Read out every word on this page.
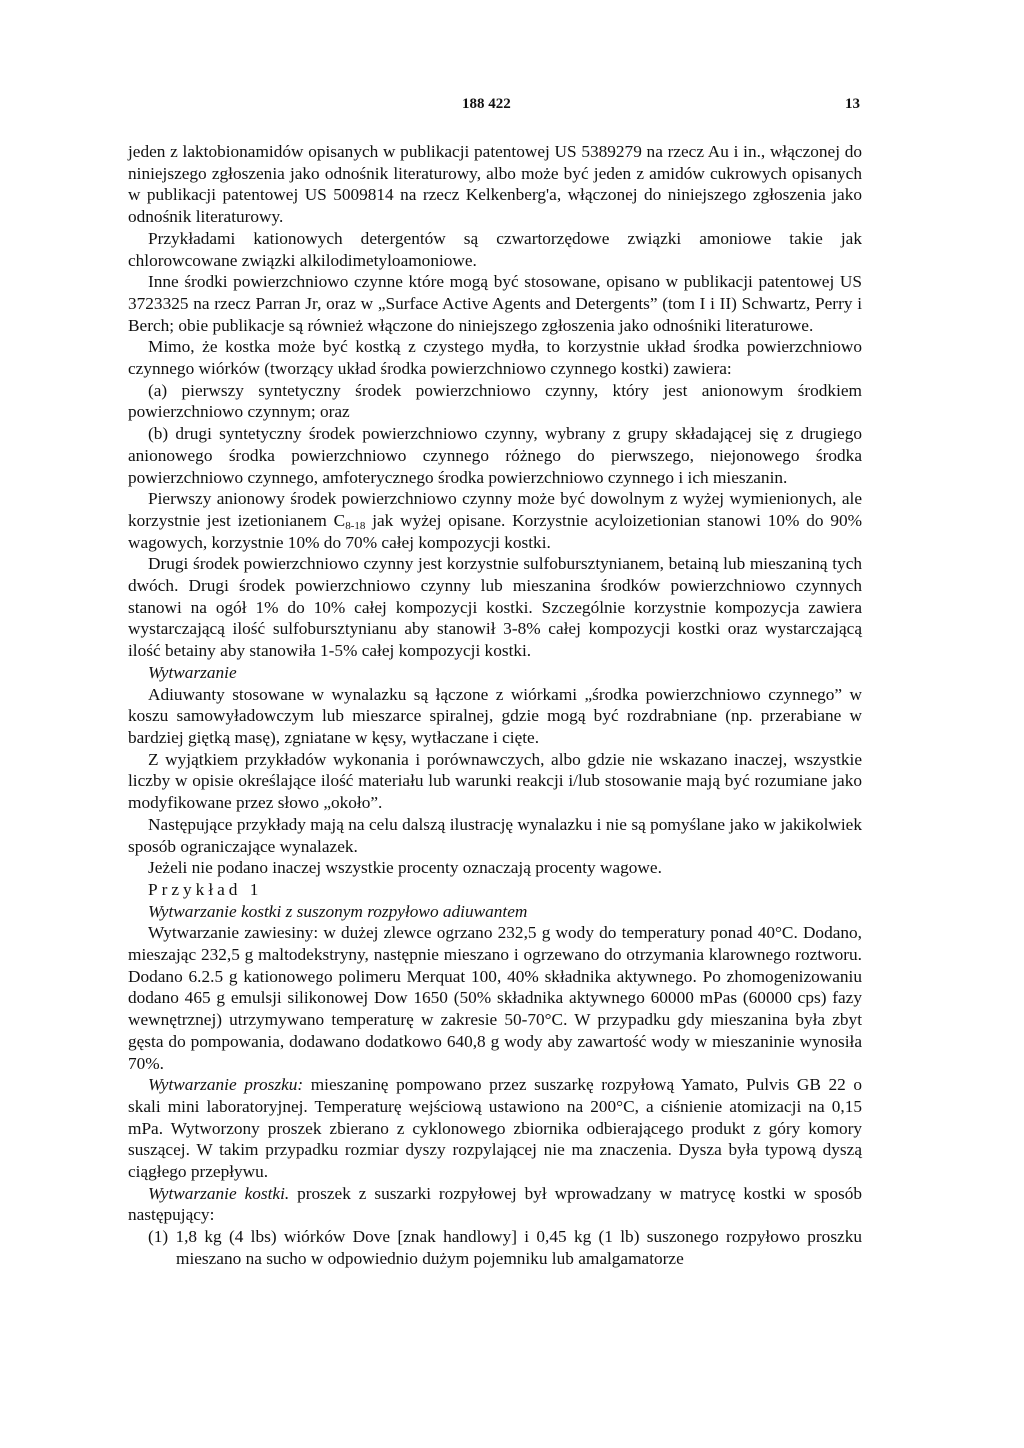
188 422	13

jeden z laktobionamidów opisanych w publikacji patentowej US 5389279 na rzecz Au i in., włączonej do niniejszego zgłoszenia jako odnośnik literaturowy, albo może być jeden z amidów cukrowych opisanych w publikacji patentowej US 5009814 na rzecz Kelkenberg'a, włączonej do niniejszego zgłoszenia jako odnośnik literaturowy.

Przykładami kationowych detergentów są czwartorzędowe związki amoniowe takie jak chlorowcowane związki alkilodimetyloamoniowe.

Inne środki powierzchniowo czynne które mogą być stosowane, opisano w publikacji patentowej US 3723325 na rzecz Parran Jr, oraz w „Surface Active Agents and Detergents” (tom I i II) Schwartz, Perry i Berch; obie publikacje są również włączone do niniejszego zgłoszenia jako odnośniki literaturowe.

Mimo, że kostka może być kostką z czystego mydła, to korzystnie układ środka powierzchniowo czynnego wiórków (tworzący układ środka powierzchniowo czynnego kostki) zawiera:

(a) pierwszy syntetyczny środek powierzchniowo czynny, który jest anionowym środkiem powierzchniowo czynnym; oraz

(b) drugi syntetyczny środek powierzchniowo czynny, wybrany z grupy składającej się z drugiego anionowego środka powierzchniowo czynnego różnego do pierwszego, niejonowego środka powierzchniowo czynnego, amfoterycznego środka powierzchniowo czynnego i ich mieszanin.

Pierwszy anionowy środek powierzchniowo czynny może być dowolnym z wyżej wymienionych, ale korzystnie jest izetionianem $C_{8-18}$ jak wyżej opisane. Korzystnie acyloizetionian stanowi 10% do 90% wagowych, korzystnie 10% do 70% całej kompozycji kostki.

Drugi środek powierzchniowo czynny jest korzystnie sulfobursztynianem, betainą lub mieszaniną tych dwóch. Drugi środek powierzchniowo czynny lub mieszanina środków powierzchniowo czynnych stanowi na ogół 1% do 10% całej kompozycji kostki. Szczególnie korzystnie kompozycja zawiera wystarczającą ilość sulfobursztynianu aby stanowił 3-8% całej kompozycji kostki oraz wystarczającą ilość betainy aby stanowiła 1-5% całej kompozycji kostki.

Wytwarzanie

Adiuwanty stosowane w wynalazku są łączone z wiórkami „środka powierzchniowo czynnego” w koszu samowyładowczym lub mieszarce spiralnej, gdzie mogą być rozdrabniane (np. przerabiane w bardziej giętką masę), zgniatane w kęsy, wytłaczane i cięte.

Z wyjątkiem przykładów wykonania i porównawczych, albo gdzie nie wskazano inaczej, wszystkie liczby w opisie określające ilość materiału lub warunki reakcji i/lub stosowanie mają być rozumiane jako modyfikowane przez słowo „około”.

Następujące przykłady mają na celu dalszą ilustrację wynalazku i nie są pomyślane jako w jakikolwiek sposób ograniczające wynalazek.

Jeżeli nie podano inaczej wszystkie procenty oznaczają procenty wagowe.

Przykład 1

Wytwarzanie kostki z suszonym rozpyłowo adiuwantem

Wytwarzanie zawiesiny: w dużej zlewce ogrzano 232,5 g wody do temperatury ponad 40°C. Dodano, mieszając 232,5 g maltodekstryny, następnie mieszano i ogrzewano do otrzymania klarownego roztworu. Dodano 6.2.5 g kationowego polimeru Merquat 100, 40% składnika aktywnego. Po zhomogenizowaniu dodano 465 g emulsji silikonowej Dow 1650 (50% składnika aktywnego 60000 mPas (60000 cps) fazy wewnętrznej) utrzymywano temperaturę w zakresie 50-70°C. W przypadku gdy mieszanina była zbyt gęsta do pompowania, dodawano dodatkowo 640,8 g wody aby zawartość wody w mieszaninie wynosiła 70%.

Wytwarzanie proszku: mieszaninę pompowano przez suszarkę rozpyłową Yamato, Pulvis GB 22 o skali mini laboratoryjnej. Temperaturę wejściową ustawiono na 200°C, a ciśnienie atomizacji na 0,15 mPa. Wytworzony proszek zbierano z cyklonowego zbiornika odbierającego produkt z góry komory suszącej. W takim przypadku rozmiar dyszy rozpylającej nie ma znaczenia. Dysza była typową dyszą ciągłego przepływu.

Wytwarzanie kostki. proszek z suszarki rozpyłowej był wprowadzany w matrycę kostki w sposób następujący:

(1) 1,8 kg (4 lbs) wiórków Dove [znak handlowy] i 0,45 kg (1 lb) suszonego rozpyłowo proszku mieszano na sucho w odpowiednio dużym pojemniku lub amalgamatorze
